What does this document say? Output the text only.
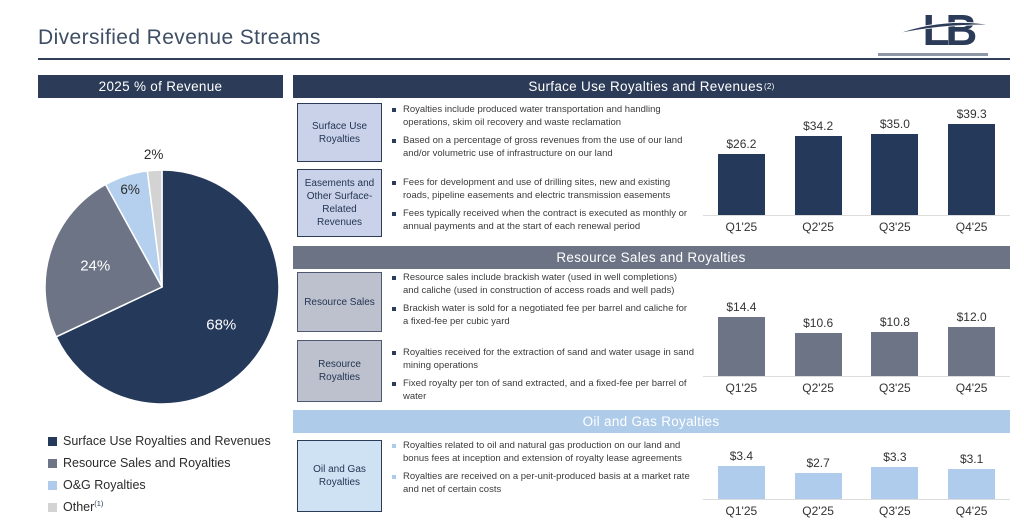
Diversified Revenue Streams	LB
2025 % of Revenue
68%
24%
6%
2%
Surface Use Royalties and Revenues
Resource Sales and Royalties
O&G Royalties
Other$^{(1)}$
Surface Use Royalties and Revenues (2)
Surface Use Royalties
Easements and Other Surface-Related Revenues
Royalties include produced water transportation and handling operations, skim oil recovery and waste reclamation
Based on a percentage of gross revenues from the use of our land and/or volumetric use of infrastructure on our land
Fees for development and use of drilling sites, new and existing roads, pipeline easements and electric transmission easements
Fees typically received when the contract is executed as monthly or annual payments and at the start of each renewal period
$26.2
$34.2	$35.0
$39.3
Q1'25	Q2'25	Q3'25	Q4'25
Resource Sales and Royalties
Resource Sales
Resource Royalties
Resource sales include brackish water (used in well completions) and caliche (used in construction of access roads and well pads)
Brackish water is sold for a negotiated fee per barrel and caliche for a fixed-fee per cubic yard
Royalties received for the extraction of sand and water usage in sand mining operations
Fixed royalty per ton of sand extracted, and a fixed-fee per barrel of water
$14.4
$10.6	$10.8	$12.0
Q1'25	Q2'25	Q3'25	Q4'25
Oil and Gas Royalties
Oil and Gas Royalties
Royalties related to oil and natural gas production on our land and bonus fees at inception and extension of royalty lease agreements
Royalties are received on a per-unit-produced basis at a market rate and net of certain costs
$3.4	$2.7	$3.3	$3.1
Q1'25	Q2'25	Q3'25	Q4'25
